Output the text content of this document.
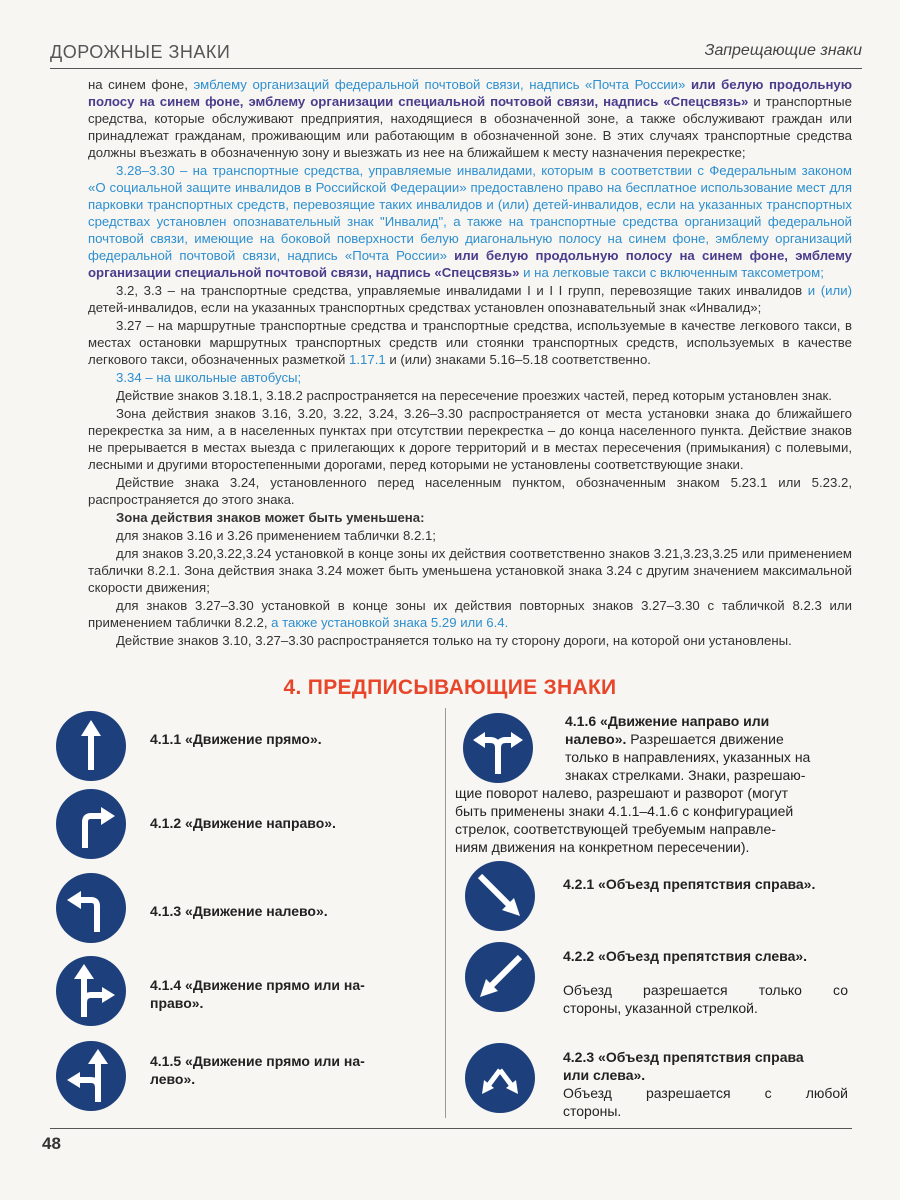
ДОРОЖНЫЕ ЗНАКИ	Запрещающие знаки

на синем фоне, эмблему организаций федеральной почтовой связи, надпись «Почта России» или белую продольную полосу на синем фоне, эмблему организации специальной почтовой связи, надпись «Спецсвязь» и транспортные средства, которые обслуживают предприятия, находящиеся в обозначенной зоне, а также обслуживают граждан или принадлежат гражданам, проживающим или работающим в обозначенной зоне. В этих случаях транспортные средства должны въезжать в обозначенную зону и выезжать из нее на ближайшем к месту назначения перекрестке;

3.28–3.30 – на транспортные средства, управляемые инвалидами, которым в соответствии с Федеральным законом «О социальной защите инвалидов в Российской Федерации» предоставлено право на бесплатное использование мест для парковки транспортных средств, перевозящие таких инвалидов и (или) детей-инвалидов, если на указанных транспортных средствах установлен опознавательный знак "Инвалид", а также на транспортные средства организаций федеральной почтовой связи, имеющие на боковой поверхности белую диагональную полосу на синем фоне, эмблему организаций федеральной почтовой связи, надпись «Почта России» или белую продольную полосу на синем фоне, эмблему организации специальной почтовой связи, надпись «Спецсвязь» и на легковые такси с включенным таксометром;

3.2, 3.3 – на транспортные средства, управляемые инвалидами I и I I групп, перевозящие таких инвалидов и (или) детей-инвалидов, если на указанных транспортных средствах установлен опознавательный знак «Инвалид»;

3.27 – на маршрутные транспортные средства и транспортные средства, используемые в качестве легкового такси, в местах остановки маршрутных транспортных средств или стоянки транспортных средств, используемых в качестве легкового такси, обозначенных разметкой 1.17.1 и (или) знаками 5.16–5.18 соответственно.

3.34 – на школьные автобусы;

Действие знаков 3.18.1, 3.18.2 распространяется на пересечение проезжих частей, перед которым установлен знак.

Зона действия знаков 3.16, 3.20, 3.22, 3.24, 3.26–3.30 распространяется от места установки знака до ближайшего перекрестка за ним, а в населенных пунктах при отсутствии перекрестка – до конца населенного пункта. Действие знаков не прерывается в местах выезда с прилегающих к дороге территорий и в местах пересечения (примыкания) с полевыми, лесными и другими второстепенными дорогами, перед которыми не установлены соответствующие знаки.

Действие знака 3.24, установленного перед населенным пунктом, обозначенным знаком 5.23.1 или 5.23.2, распространяется до этого знака.

Зона действия знаков может быть уменьшена:

для знаков 3.16 и 3.26 применением таблички 8.2.1;

для знаков 3.20,3.22,3.24 установкой в конце зоны их действия соответственно знаков 3.21,3.23,3.25 или применением таблички 8.2.1. Зона действия знака 3.24 может быть уменьшена установкой знака 3.24 с другим значением максимальной скорости движения;

для знаков 3.27–3.30 установкой в конце зоны их действия повторных знаков 3.27–3.30 с табличкой 8.2.3 или применением таблички 8.2.2, а также установкой знака 5.29 или 6.4.

Действие знаков 3.10, 3.27–3.30 распространяется только на ту сторону дороги, на которой они установлены.

4. ПРЕДПИСЫВАЮЩИЕ ЗНАКИ
4.1.1 «Движение прямо».
4.1.2 «Движение направо».
4.1.3 «Движение налево».
4.1.4 «Движение прямо или на-
право».
4.1.5 «Движение прямо или на-
лево».
4.1.6 «Движение направо или
налево». Разрешается движение
только в направлениях, указанных на
знаках стрелками. Знаки, разрешаю-
щие поворот налево, разрешают и разворот (могут
быть применены знаки 4.1.1–4.1.6 с конфигурацией
стрелок, соответствующей требуемым направле-
ниям движения на конкретном пересечении).
4.2.1 «Объезд препятствия справа».
4.2.2 «Объезд препятствия слева».
Объезд разрешается только со
стороны, указанной стрелкой.
4.2.3 «Объезд препятствия справа
или слева».
Объезд разрешается с любой
стороны.
48
